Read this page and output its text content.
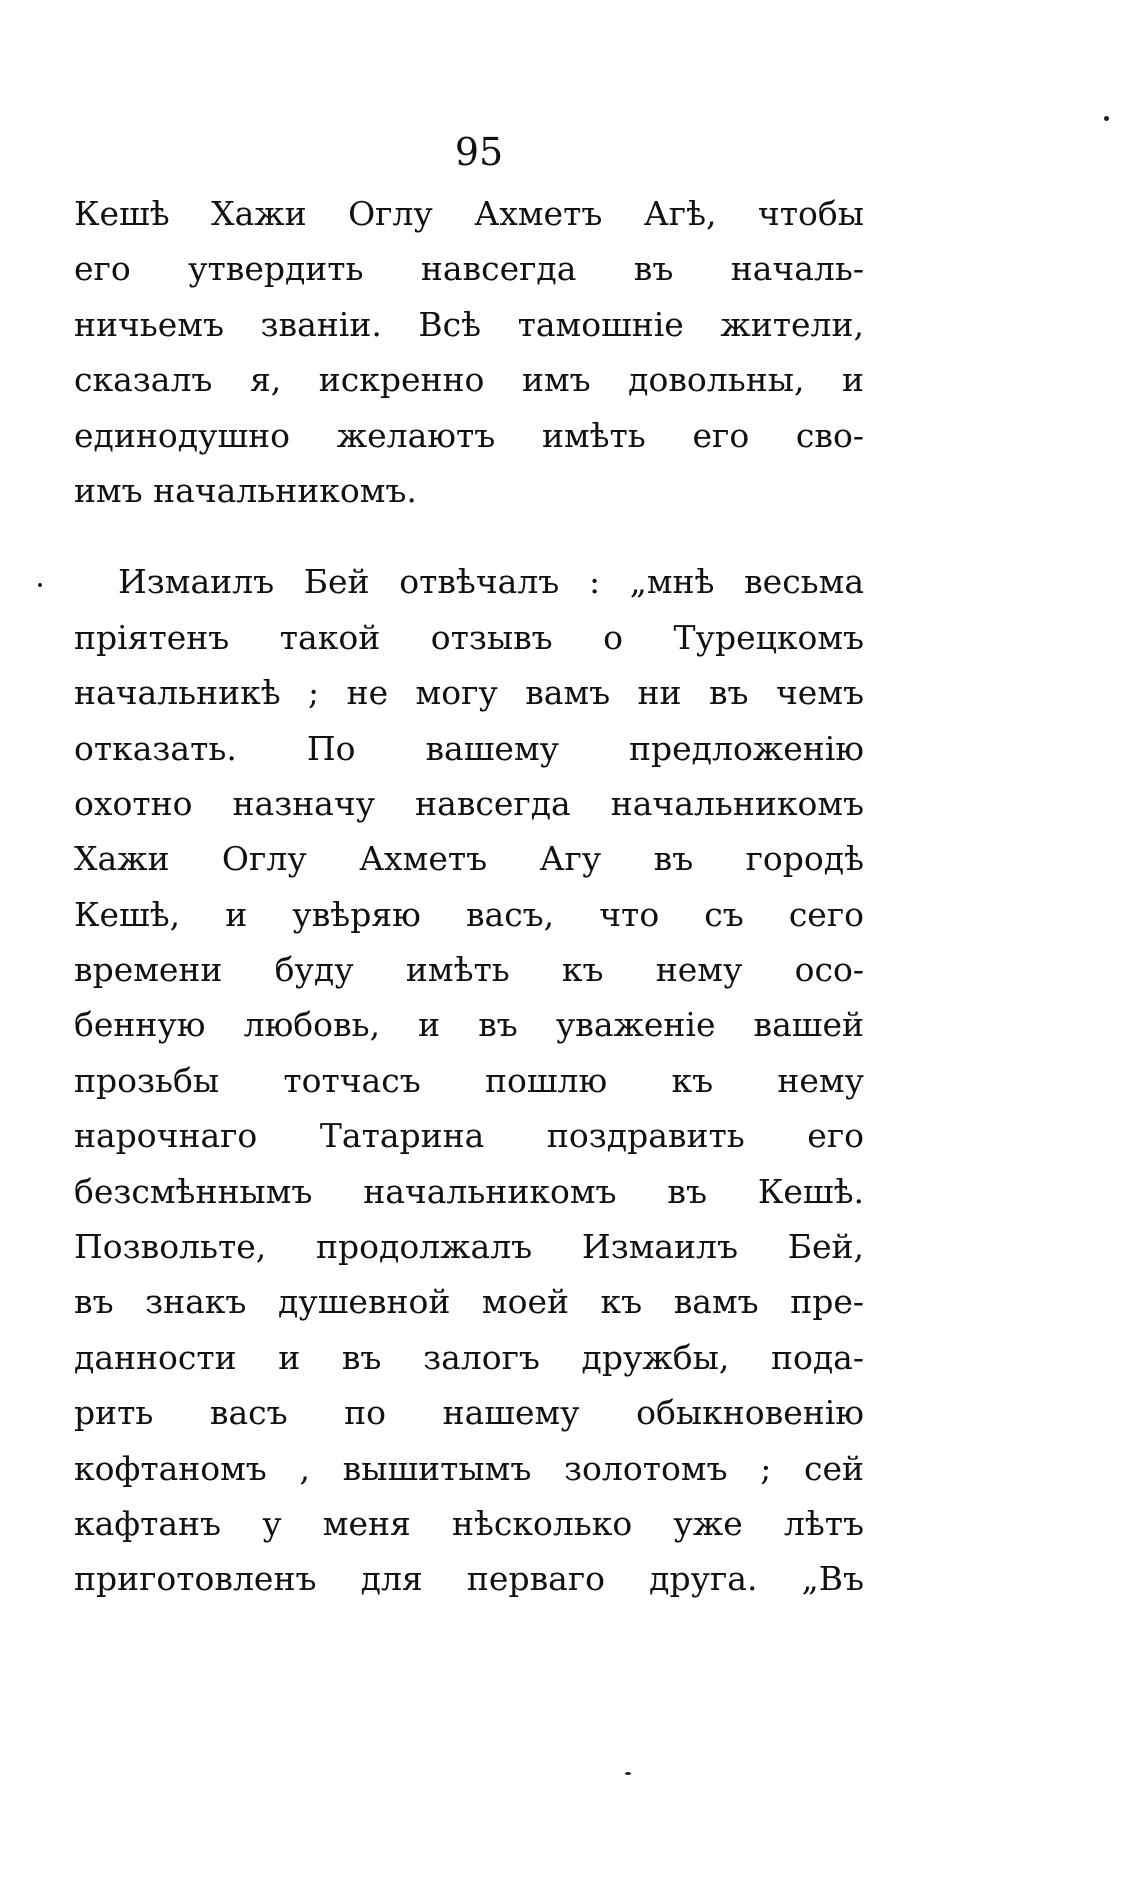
95
Кешѣ Хажи Оглу Ахметъ Агѣ, чтобы
его утвердить навсегда въ началь-
ничьемъ званіи. Всѣ тамошніе жители,
сказалъ я, искренно имъ довольны, и
единодушно желаютъ имѣть его сво-
имъ начальникомъ.
Измаилъ Бей отвѣчалъ : „мнѣ весьма
пріятенъ такой отзывъ о Турецкомъ
начальникѣ ; не могу вамъ ни въ чемъ
отказать. По вашему предложенію
охотно назначу навсегда начальникомъ
Хажи Оглу Ахметъ Агу въ городѣ
Кешѣ, и увѣряю васъ, что съ сего
времени буду имѣть къ нему осо-
бенную любовь, и въ уваженіе вашей
прозьбы тотчасъ пошлю къ нему
нарочнаго Татарина поздравить его
безсмѣннымъ начальникомъ въ Кешѣ.
Позвольте, продолжалъ Измаилъ Бей,
въ знакъ душевной моей къ вамъ пре-
данности и въ залогъ дружбы, пода-
рить васъ по нашему обыкновенію
кофтаномъ , вышитымъ золотомъ ; сей
кафтанъ у меня нѣсколько уже лѣтъ
приготовленъ для перваго друга. „Въ
